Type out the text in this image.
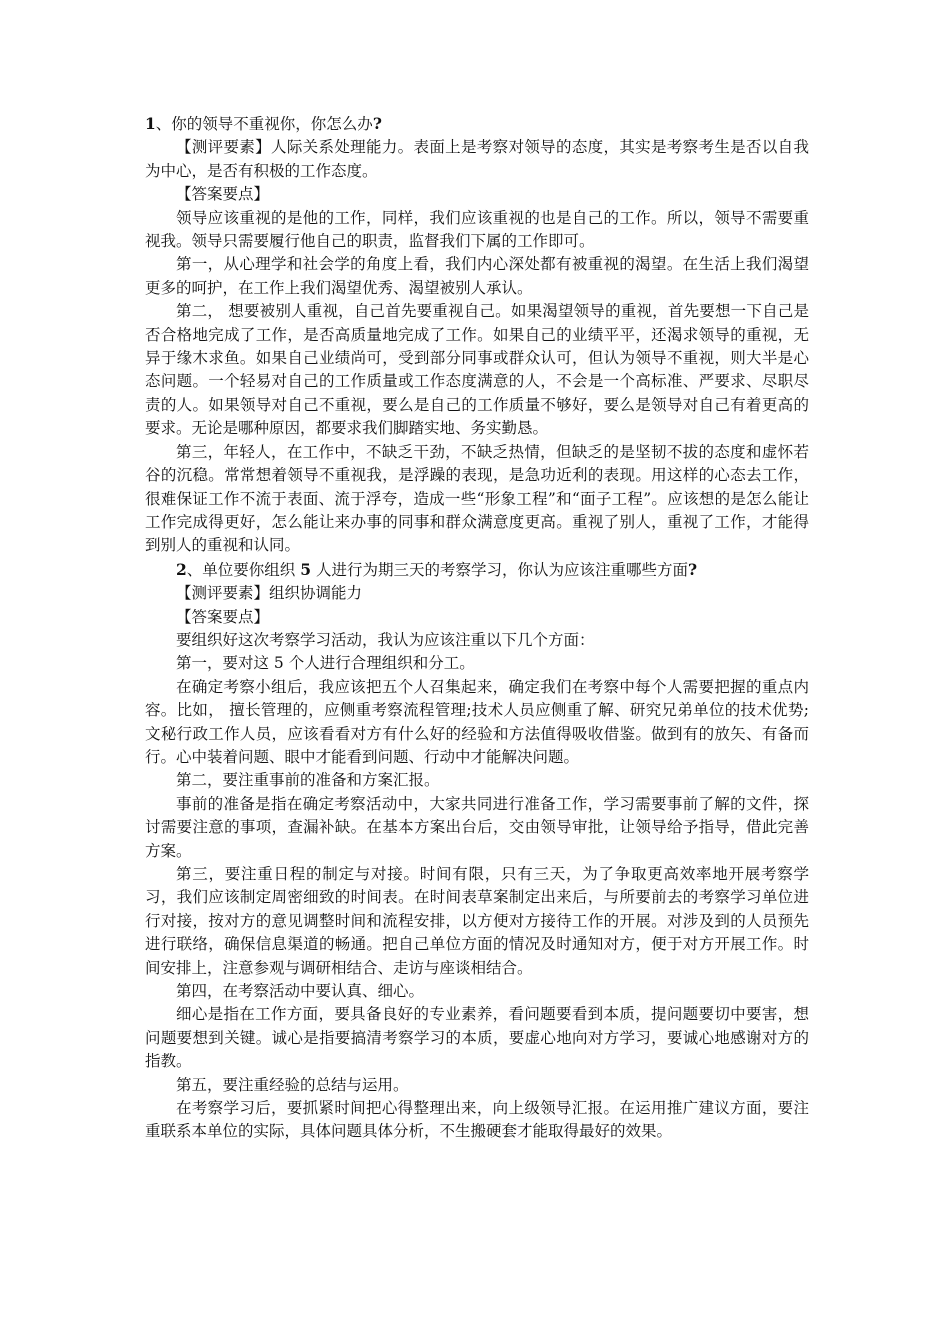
1、你的领导不重视你，你怎么办?

【测评要素】人际关系处理能力。表面上是考察对领导的态度，其实是考察考生是否以自我为中心，是否有积极的工作态度。

【答案要点】

领导应该重视的是他的工作，同样，我们应该重视的也是自己的工作。所以，领导不需要重视我。领导只需要履行他自己的职责，监督我们下属的工作即可。

第一，从心理学和社会学的角度上看，我们内心深处都有被重视的渴望。在生活上我们渴望更多的呵护，在工作上我们渴望优秀、渴望被别人承认。

第二， 想要被别人重视，自己首先要重视自己。如果渴望领导的重视，首先要想一下自己是否合格地完成了工作，是否高质量地完成了工作。如果自己的业绩平平，还渴求领导的重视，无异于缘木求鱼。如果自己业绩尚可，受到部分同事或群众认可，但认为领导不重视，则大半是心态问题。一个轻易对自己的工作质量或工作态度满意的人，不会是一个高标准、严要求、尽职尽责的人。如果领导对自己不重视，要么是自己的工作质量不够好，要么是领导对自己有着更高的要求。无论是哪种原因，都要求我们脚踏实地、务实勤恳。

第三，年轻人，在工作中，不缺乏干劲，不缺乏热情，但缺乏的是坚韧不拔的态度和虚怀若谷的沉稳。常常想着领导不重视我，是浮躁的表现，是急功近利的表现。用这样的心态去工作，很难保证工作不流于表面、流于浮夸，造成一些“形象工程”和“面子工程”。应该想的是怎么能让工作完成得更好，怎么能让来办事的同事和群众满意度更高。重视了别人，重视了工作，才能得到别人的重视和认同。

2、单位要你组织 5 人进行为期三天的考察学习，你认为应该注重哪些方面?

【测评要素】组织协调能力

【答案要点】

要组织好这次考察学习活动，我认为应该注重以下几个方面：

第一，要对这 5 个人进行合理组织和分工。

在确定考察小组后，我应该把五个人召集起来，确定我们在考察中每个人需要把握的重点内容。比如， 擅长管理的，应侧重考察流程管理;技术人员应侧重了解、研究兄弟单位的技术优势;文秘行政工作人员，应该看看对方有什么好的经验和方法值得吸收借鉴。做到有的放矢、有备而行。心中装着问题、眼中才能看到问题、行动中才能解决问题。

第二，要注重事前的准备和方案汇报。

事前的准备是指在确定考察活动中，大家共同进行准备工作，学习需要事前了解的文件，探讨需要注意的事项，查漏补缺。在基本方案出台后，交由领导审批，让领导给予指导，借此完善方案。

第三，要注重日程的制定与对接。时间有限，只有三天，为了争取更高效率地开展考察学习，我们应该制定周密细致的时间表。在时间表草案制定出来后，与所要前去的考察学习单位进行对接，按对方的意见调整时间和流程安排，以方便对方接待工作的开展。对涉及到的人员预先进行联络，确保信息渠道的畅通。把自己单位方面的情况及时通知对方，便于对方开展工作。时间安排上，注意参观与调研相结合、走访与座谈相结合。

第四，在考察活动中要认真、细心。

细心是指在工作方面，要具备良好的专业素养，看问题要看到本质，提问题要切中要害，想问题要想到关键。诚心是指要搞清考察学习的本质，要虚心地向对方学习，要诚心地感谢对方的指教。

第五，要注重经验的总结与运用。

在考察学习后，要抓紧时间把心得整理出来，向上级领导汇报。在运用推广建议方面，要注重联系本单位的实际，具体问题具体分析，不生搬硬套才能取得最好的效果。
